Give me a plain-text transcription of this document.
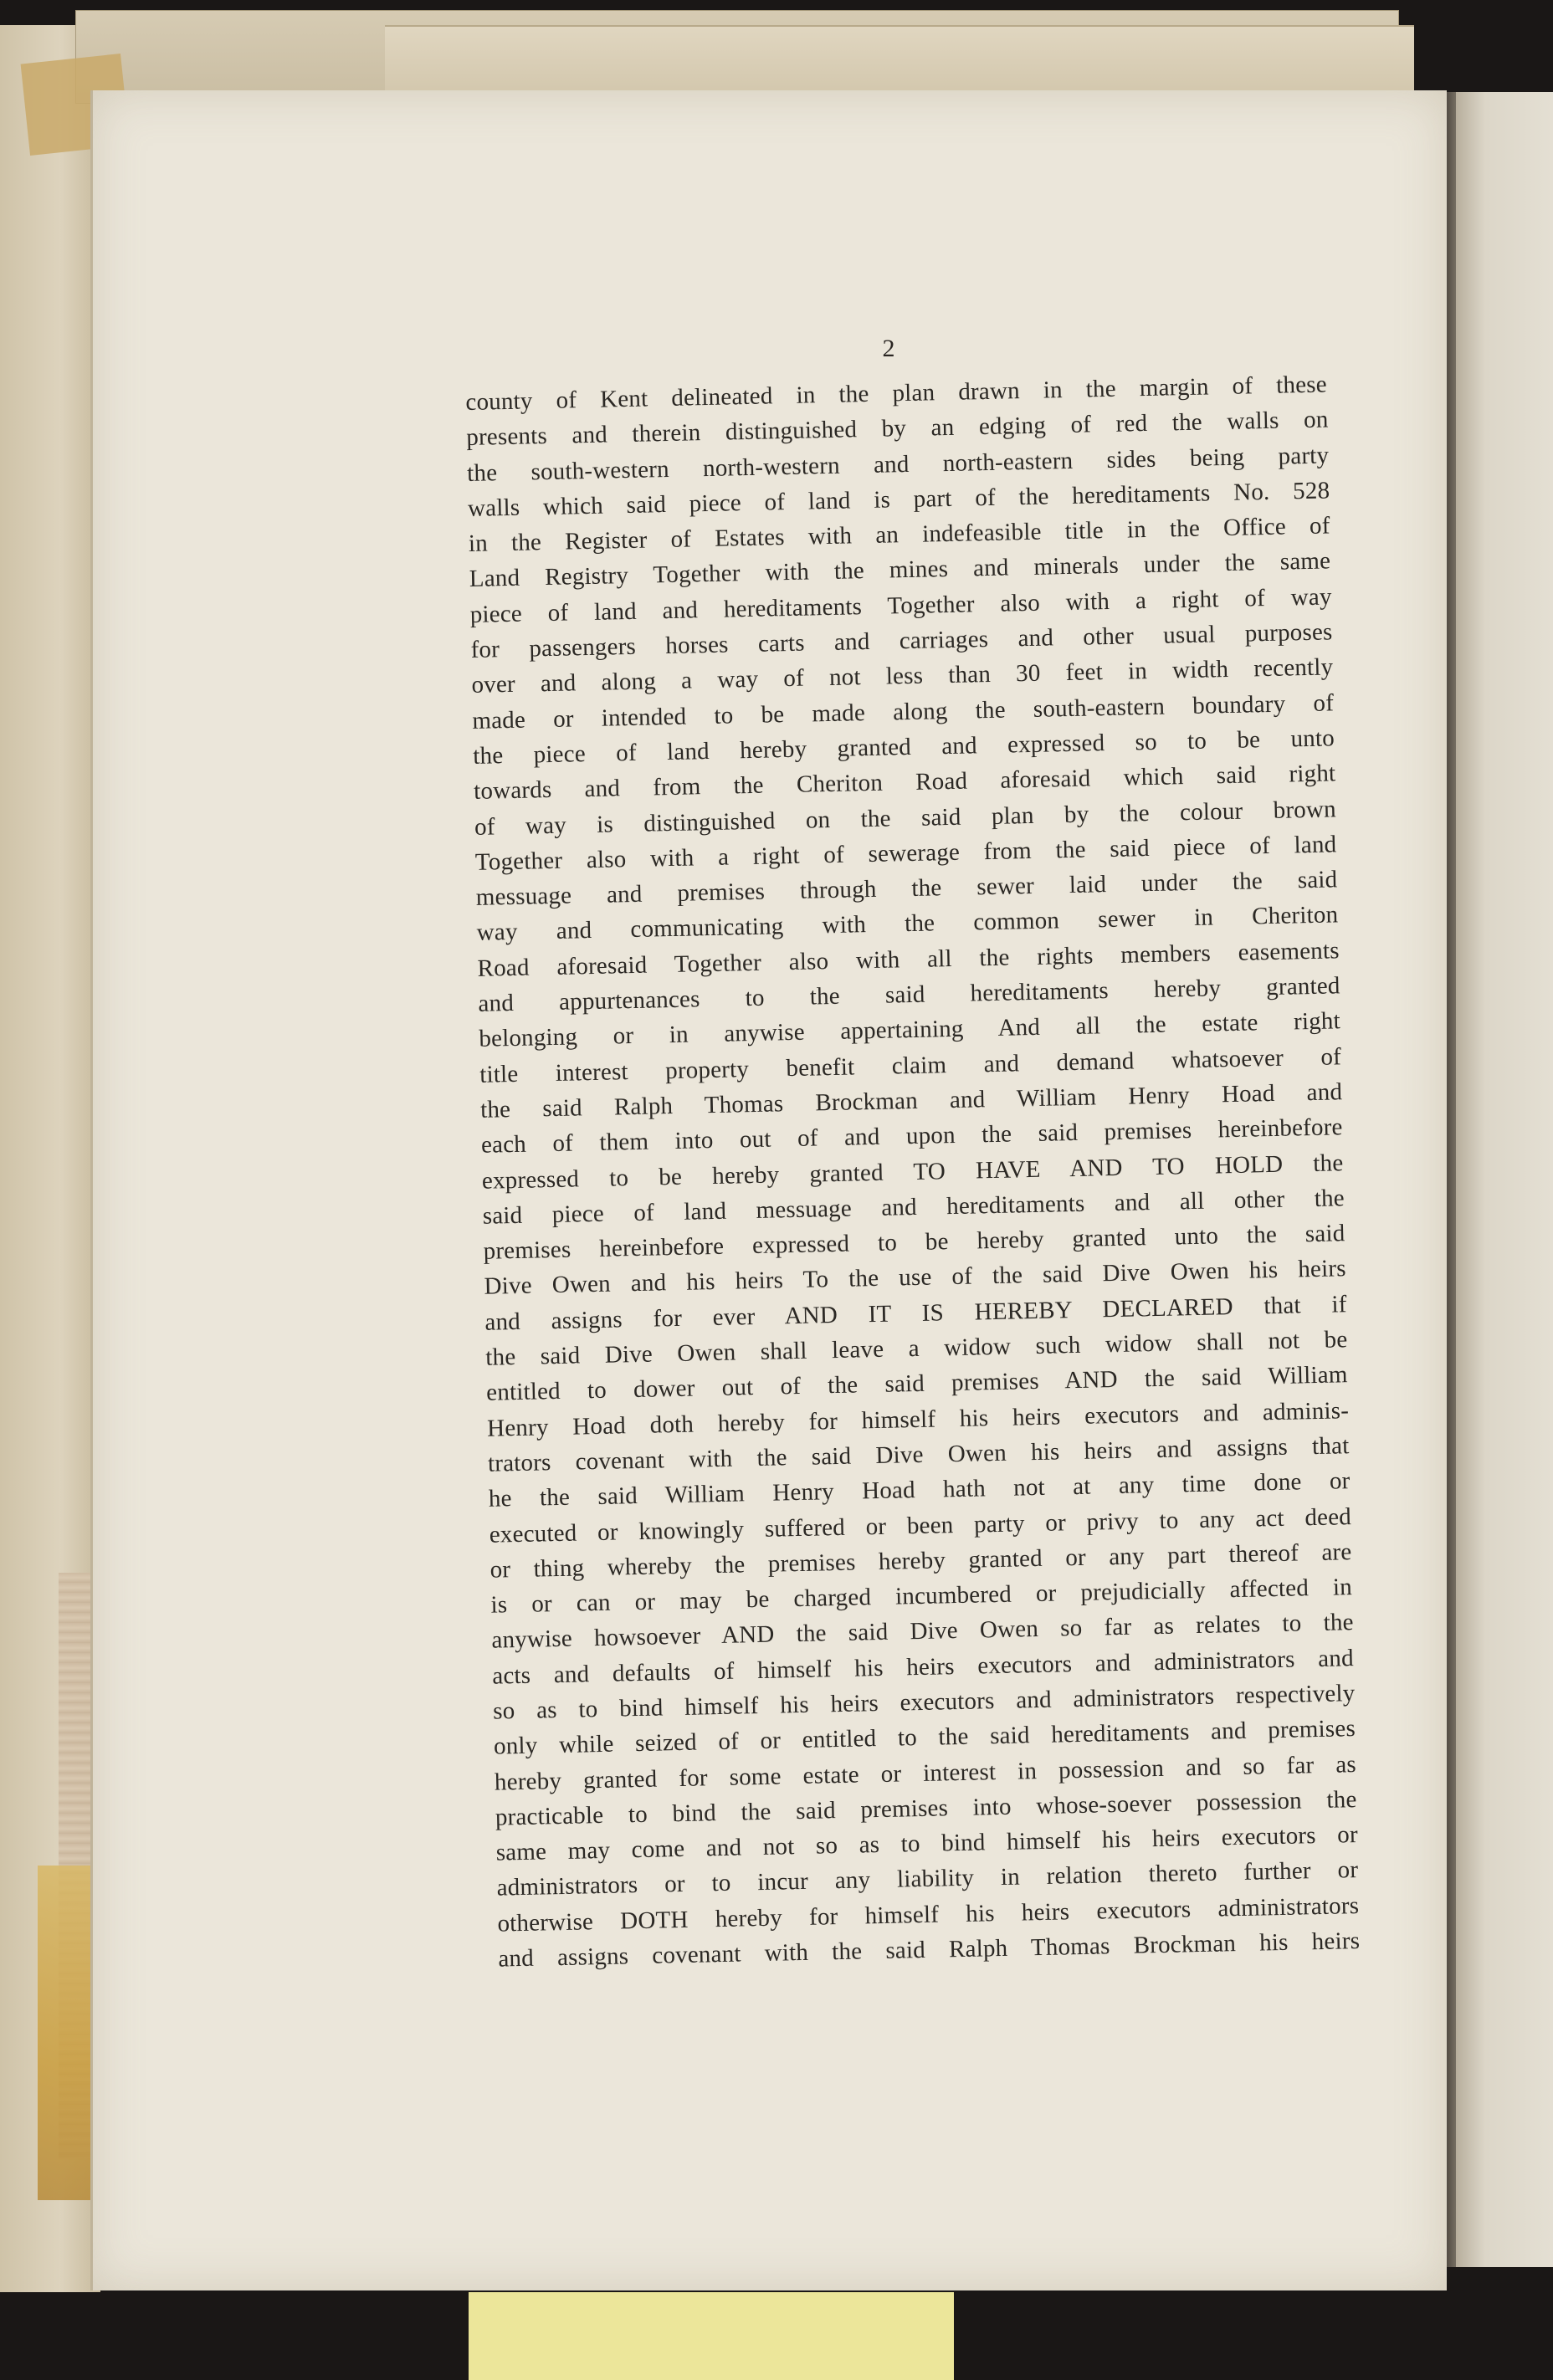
2
county of Kent delineated in the plan drawn in the margin of these
presents and therein distinguished by an edging of red the walls on
the south-western north-western and north-eastern sides being party
walls which said piece of land is part of the hereditaments No. 528
in the Register of Estates with an indefeasible title in the Office of
Land Registry Together with the mines and minerals under the same
piece of land and hereditaments Together also with a right of way
for passengers horses carts and carriages and other usual purposes
over and along a way of not less than 30 feet in width recently
made or intended to be made along the south-eastern boundary of
the piece of land hereby granted and expressed so to be unto
towards and from the Cheriton Road aforesaid which said right
of way is distinguished on the said plan by the colour brown
Together also with a right of sewerage from the said piece of land
messuage and premises through the sewer laid under the said
way and communicating with the common sewer in Cheriton
Road aforesaid Together also with all the rights members easements
and appurtenances to the said hereditaments hereby granted
belonging or in anywise appertaining And all the estate right
title interest property benefit claim and demand whatsoever of
the said Ralph Thomas Brockman and William Henry Hoad and
each of them into out of and upon the said premises hereinbefore
expressed to be hereby granted TO HAVE AND TO HOLD the
said piece of land messuage and hereditaments and all other the
premises hereinbefore expressed to be hereby granted unto the said
Dive Owen and his heirs To the use of the said Dive Owen his heirs
and assigns for ever AND IT IS HEREBY DECLARED that if
the said Dive Owen shall leave a widow such widow shall not be
entitled to dower out of the said premises AND the said William
Henry Hoad doth hereby for himself his heirs executors and adminis-
trators covenant with the said Dive Owen his heirs and assigns that
he the said William Henry Hoad hath not at any time done or
executed or knowingly suffered or been party or privy to any act deed
or thing whereby the premises hereby granted or any part thereof are
is or can or may be charged incumbered or prejudicially affected in
anywise howsoever AND the said Dive Owen so far as relates to the
acts and defaults of himself his heirs executors and administrators and
so as to bind himself his heirs executors and administrators respectively
only while seized of or entitled to the said hereditaments and premises
hereby granted for some estate or interest in possession and so far as
practicable to bind the said premises into whose-soever possession the
same may come and not so as to bind himself his heirs executors or
administrators or to incur any liability in relation thereto further or
otherwise DOTH hereby for himself his heirs executors administrators
and assigns covenant with the said Ralph Thomas Brockman his heirs
